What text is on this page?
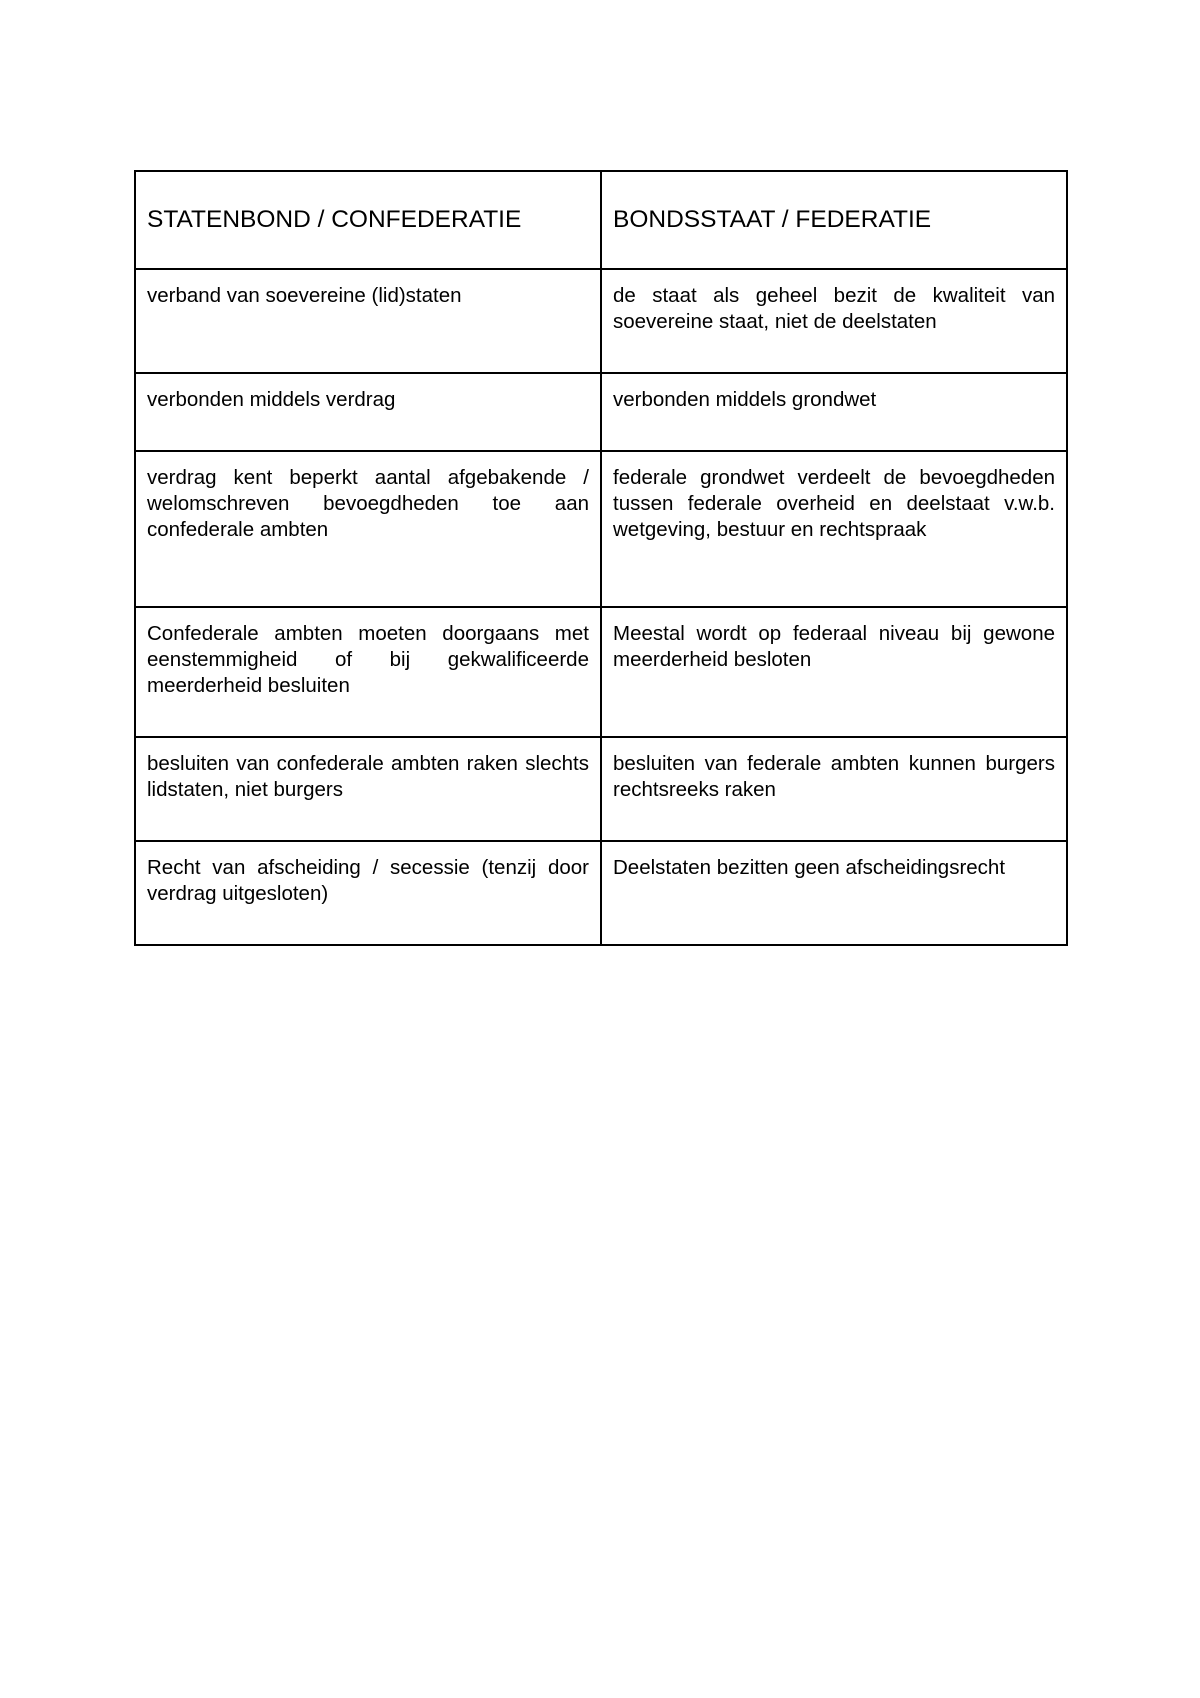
STATENBOND / CONFEDERATIE	BONDSSTAAT / FEDERATIE
verband van soevereine (lid)staten	de staat als geheel bezit de kwaliteit van soevereine staat, niet de deelstaten
verbonden middels verdrag	verbonden middels grondwet
verdrag kent beperkt aantal afgebakende / welomschreven bevoegdheden toe aan confederale ambten	federale grondwet verdeelt de bevoegdheden tussen federale overheid en deelstaat v.w.b. wetgeving, bestuur en rechtspraak
Confederale ambten moeten doorgaans met eenstemmigheid of bij gekwalificeerde meerderheid besluiten	Meestal wordt op federaal niveau bij gewone meerderheid besloten
besluiten van confederale ambten raken slechts lidstaten, niet burgers	besluiten van federale ambten kunnen burgers rechtsreeks raken
Recht van afscheiding / secessie (tenzij door verdrag uitgesloten)	Deelstaten bezitten geen afscheidingsrecht
